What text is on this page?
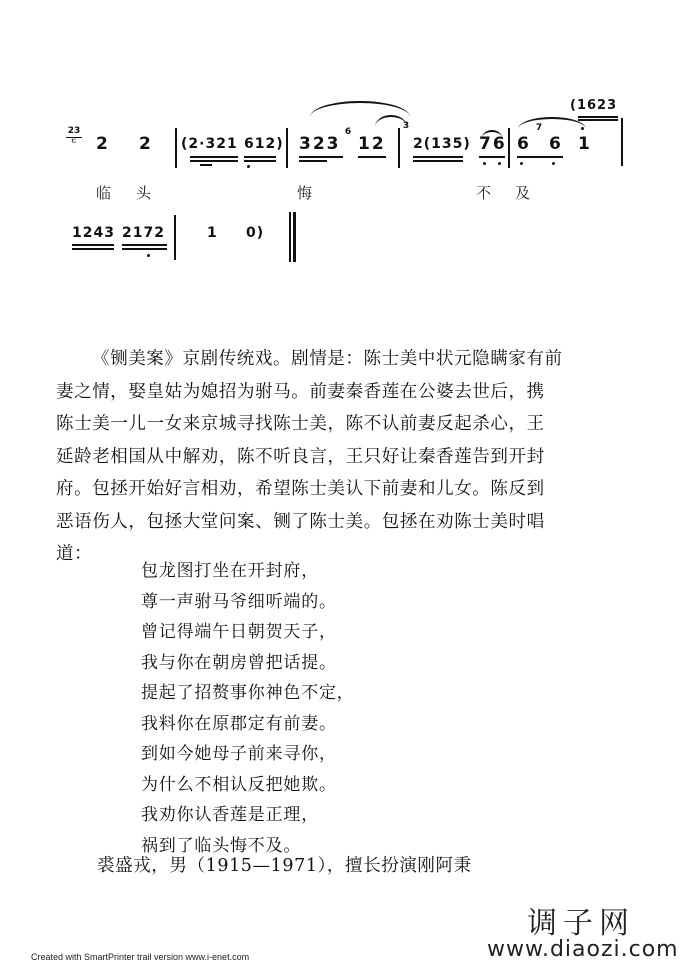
23
ㄷ 2 2 (2·321 612) 323
6
12
3
2(135) 76 6
7
6 1
(1623
临 头	悔	不 及
1243 2172	1 0)
《铡美案》京剧传统戏。剧情是：陈士美中状元隐瞒家有前
妻之情，娶皇姑为媳招为驸马。前妻秦香莲在公婆去世后，携
陈士美一儿一女来京城寻找陈士美，陈不认前妻反起杀心，王
延龄老相国从中解劝，陈不听良言，王只好让秦香莲告到开封
府。包拯开始好言相劝，希望陈士美认下前妻和儿女。陈反到
恶语伤人，包拯大堂问案、铡了陈士美。包拯在劝陈士美时唱
道：
包龙图打坐在开封府，
尊一声驸马爷细听端的。
曾记得端午日朝贺天子，
我与你在朝房曾把话提。
提起了招赘事你神色不定，
我料你在原郡定有前妻。
到如今她母子前来寻你，
为什么不相认反把她欺。
我劝你认香莲是正理，
祸到了临头悔不及。
裘盛戎，男（1915—1971），擅长扮演刚阿秉
Created with SmartPrinter trail version www.i-enet.com
调子网
www.diaozi.com
